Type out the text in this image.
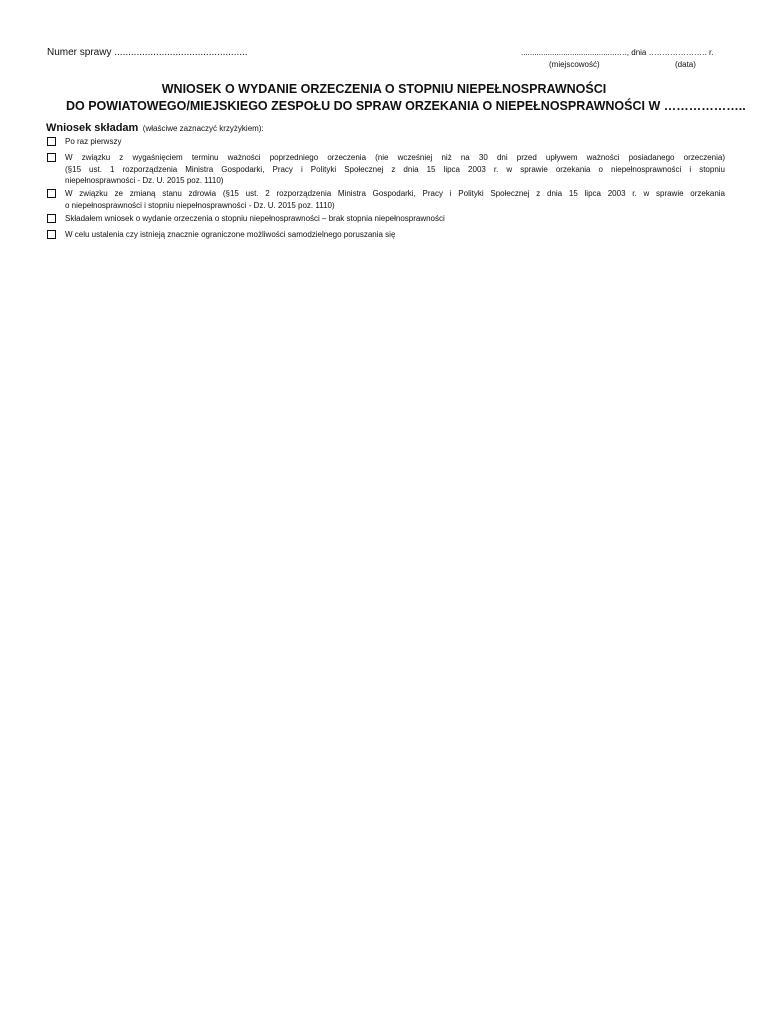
Numer sprawy ................................................	...........................................…., dnia …………………. r.
(miejscowość)	(data)
WNIOSEK O WYDANIE ORZECZENIA O STOPNIU NIEPEŁNOSPRAWNOŚCI
DO POWIATOWEGO/MIEJSKIEGO ZESPOŁU DO SPRAW ORZEKANIA O NIEPEŁNOSPRAWNOŚCI W ………………..
Wniosek składam (właściwe zaznaczyć krzyżykiem):
Po raz pierwszy
W związku z wygaśnięciem terminu ważności poprzedniego orzeczenia (nie wcześniej niż na 30 dni przed upływem ważności posiadanego orzeczenia)
(§15 ust. 1 rozporządzenia Ministra Gospodarki, Pracy i Polityki Społecznej z dnia 15 lipca 2003 r. w sprawie orzekania o niepełnosprawności i stopniu
niepełnosprawności - Dz. U. 2015 poz. 1110)
W związku ze zmianą stanu zdrowia (§15 ust. 2 rozporządzenia Ministra Gospodarki, Pracy i Polityki Społecznej z dnia 15 lipca 2003 r. w sprawie orzekania
o niepełnosprawności i stopniu niepełnosprawności - Dz. U. 2015 poz. 1110)
Składałem wniosek o wydanie orzeczenia o stopniu niepełnosprawności – brak stopnia niepełnosprawności
W celu ustalenia czy istnieją znacznie ograniczone możliwości samodzielnego poruszania się
